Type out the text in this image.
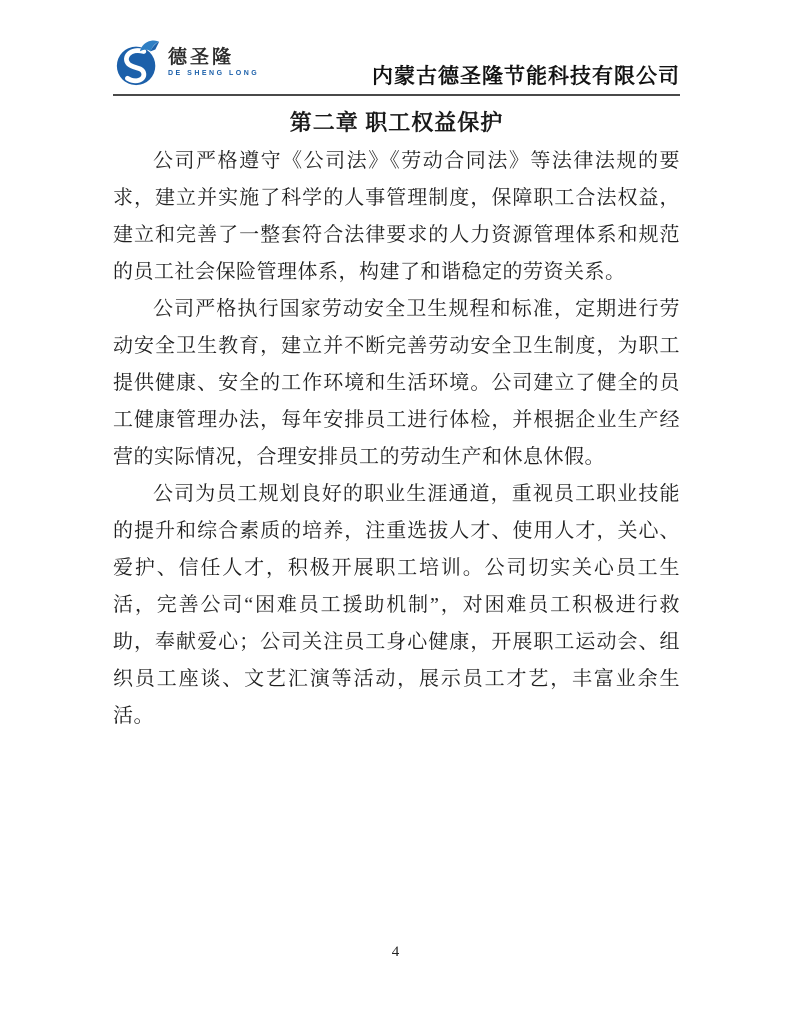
德圣隆
DE SHENG LONG	内蒙古德圣隆节能科技有限公司
第二章 职工权益保护

公司严格遵守《公司法》《劳动合同法》等法律法规的要求，建立并实施了科学的人事管理制度，保障职工合法权益，建立和完善了一整套符合法律要求的人力资源管理体系和规范的员工社会保险管理体系，构建了和谐稳定的劳资关系。

公司严格执行国家劳动安全卫生规程和标准，定期进行劳动安全卫生教育，建立并不断完善劳动安全卫生制度，为职工提供健康、安全的工作环境和生活环境。公司建立了健全的员工健康管理办法，每年安排员工进行体检，并根据企业生产经营的实际情况，合理安排员工的劳动生产和休息休假。

公司为员工规划良好的职业生涯通道，重视员工职业技能的提升和综合素质的培养，注重选拔人才、使用人才，关心、爱护、信任人才，积极开展职工培训。公司切实关心员工生活，完善公司“困难员工援助机制”，对困难员工积极进行救助，奉献爱心；公司关注员工身心健康，开展职工运动会、组织员工座谈、文艺汇演等活动，展示员工才艺，丰富业余生活。

4
